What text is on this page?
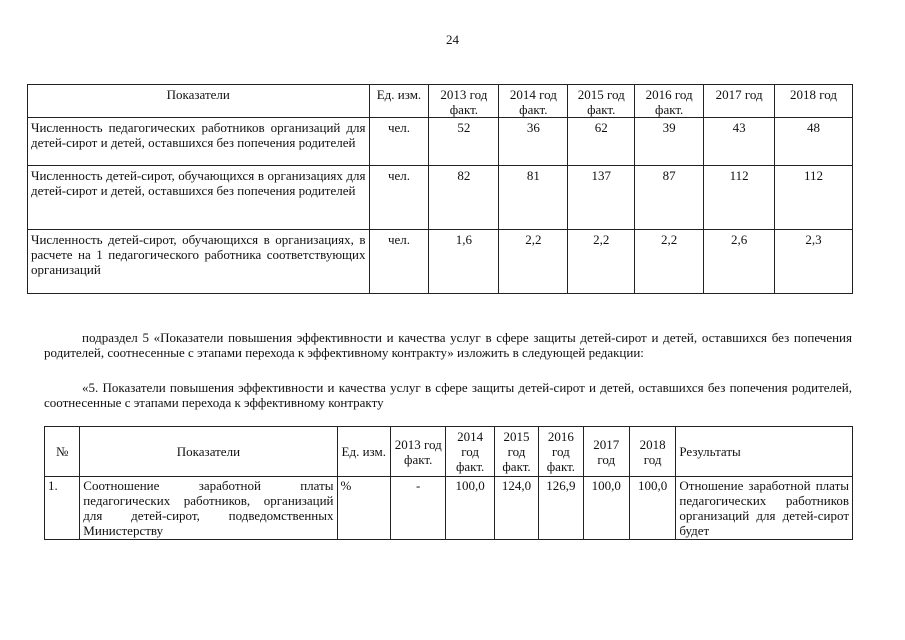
24
Показатели	Ед. изм.	2013 год факт.	2014 год факт.	2015 год факт.	2016 год факт.	2017 год	2018 год
Численность педагогических работников организаций для детей-сирот и детей, оставшихся без попечения родителей	чел.	52	36	62	39	43	48
Численность детей-сирот, обучающихся в организациях для детей-сирот и детей, оставшихся без попечения родителей	чел.	82	81	137	87	112	112
Численность детей-сирот, обучающихся в организациях, в расчете на 1 педагогического работника соответствующих организаций	чел.	1,6	2,2	2,2	2,2	2,6	2,3
подраздел 5 «Показатели повышения эффективности и качества услуг в сфере защиты детей-сирот и детей, оставшихся без попечения родителей, соотнесенные с этапами перехода к эффективному контракту» изложить в следующей редакции:
«5. Показатели повышения эффективности и качества услуг в сфере защиты детей-сирот и детей, оставшихся без попечения родителей, соотнесенные с этапами перехода к эффективному контракту
№	Показатели	Ед. изм.	2013 год факт.	2014 год факт.	2015 год факт.	2016 год факт.	2017 год	2018 год	Результаты
1.	Соотношение заработной платы педагогических работников, организаций для детей-сирот, подведомственных Министерству	%	-	100,0	124,0	126,9	100,0	100,0	Отношение заработной платы педагогических работников организаций для детей-сирот будет
